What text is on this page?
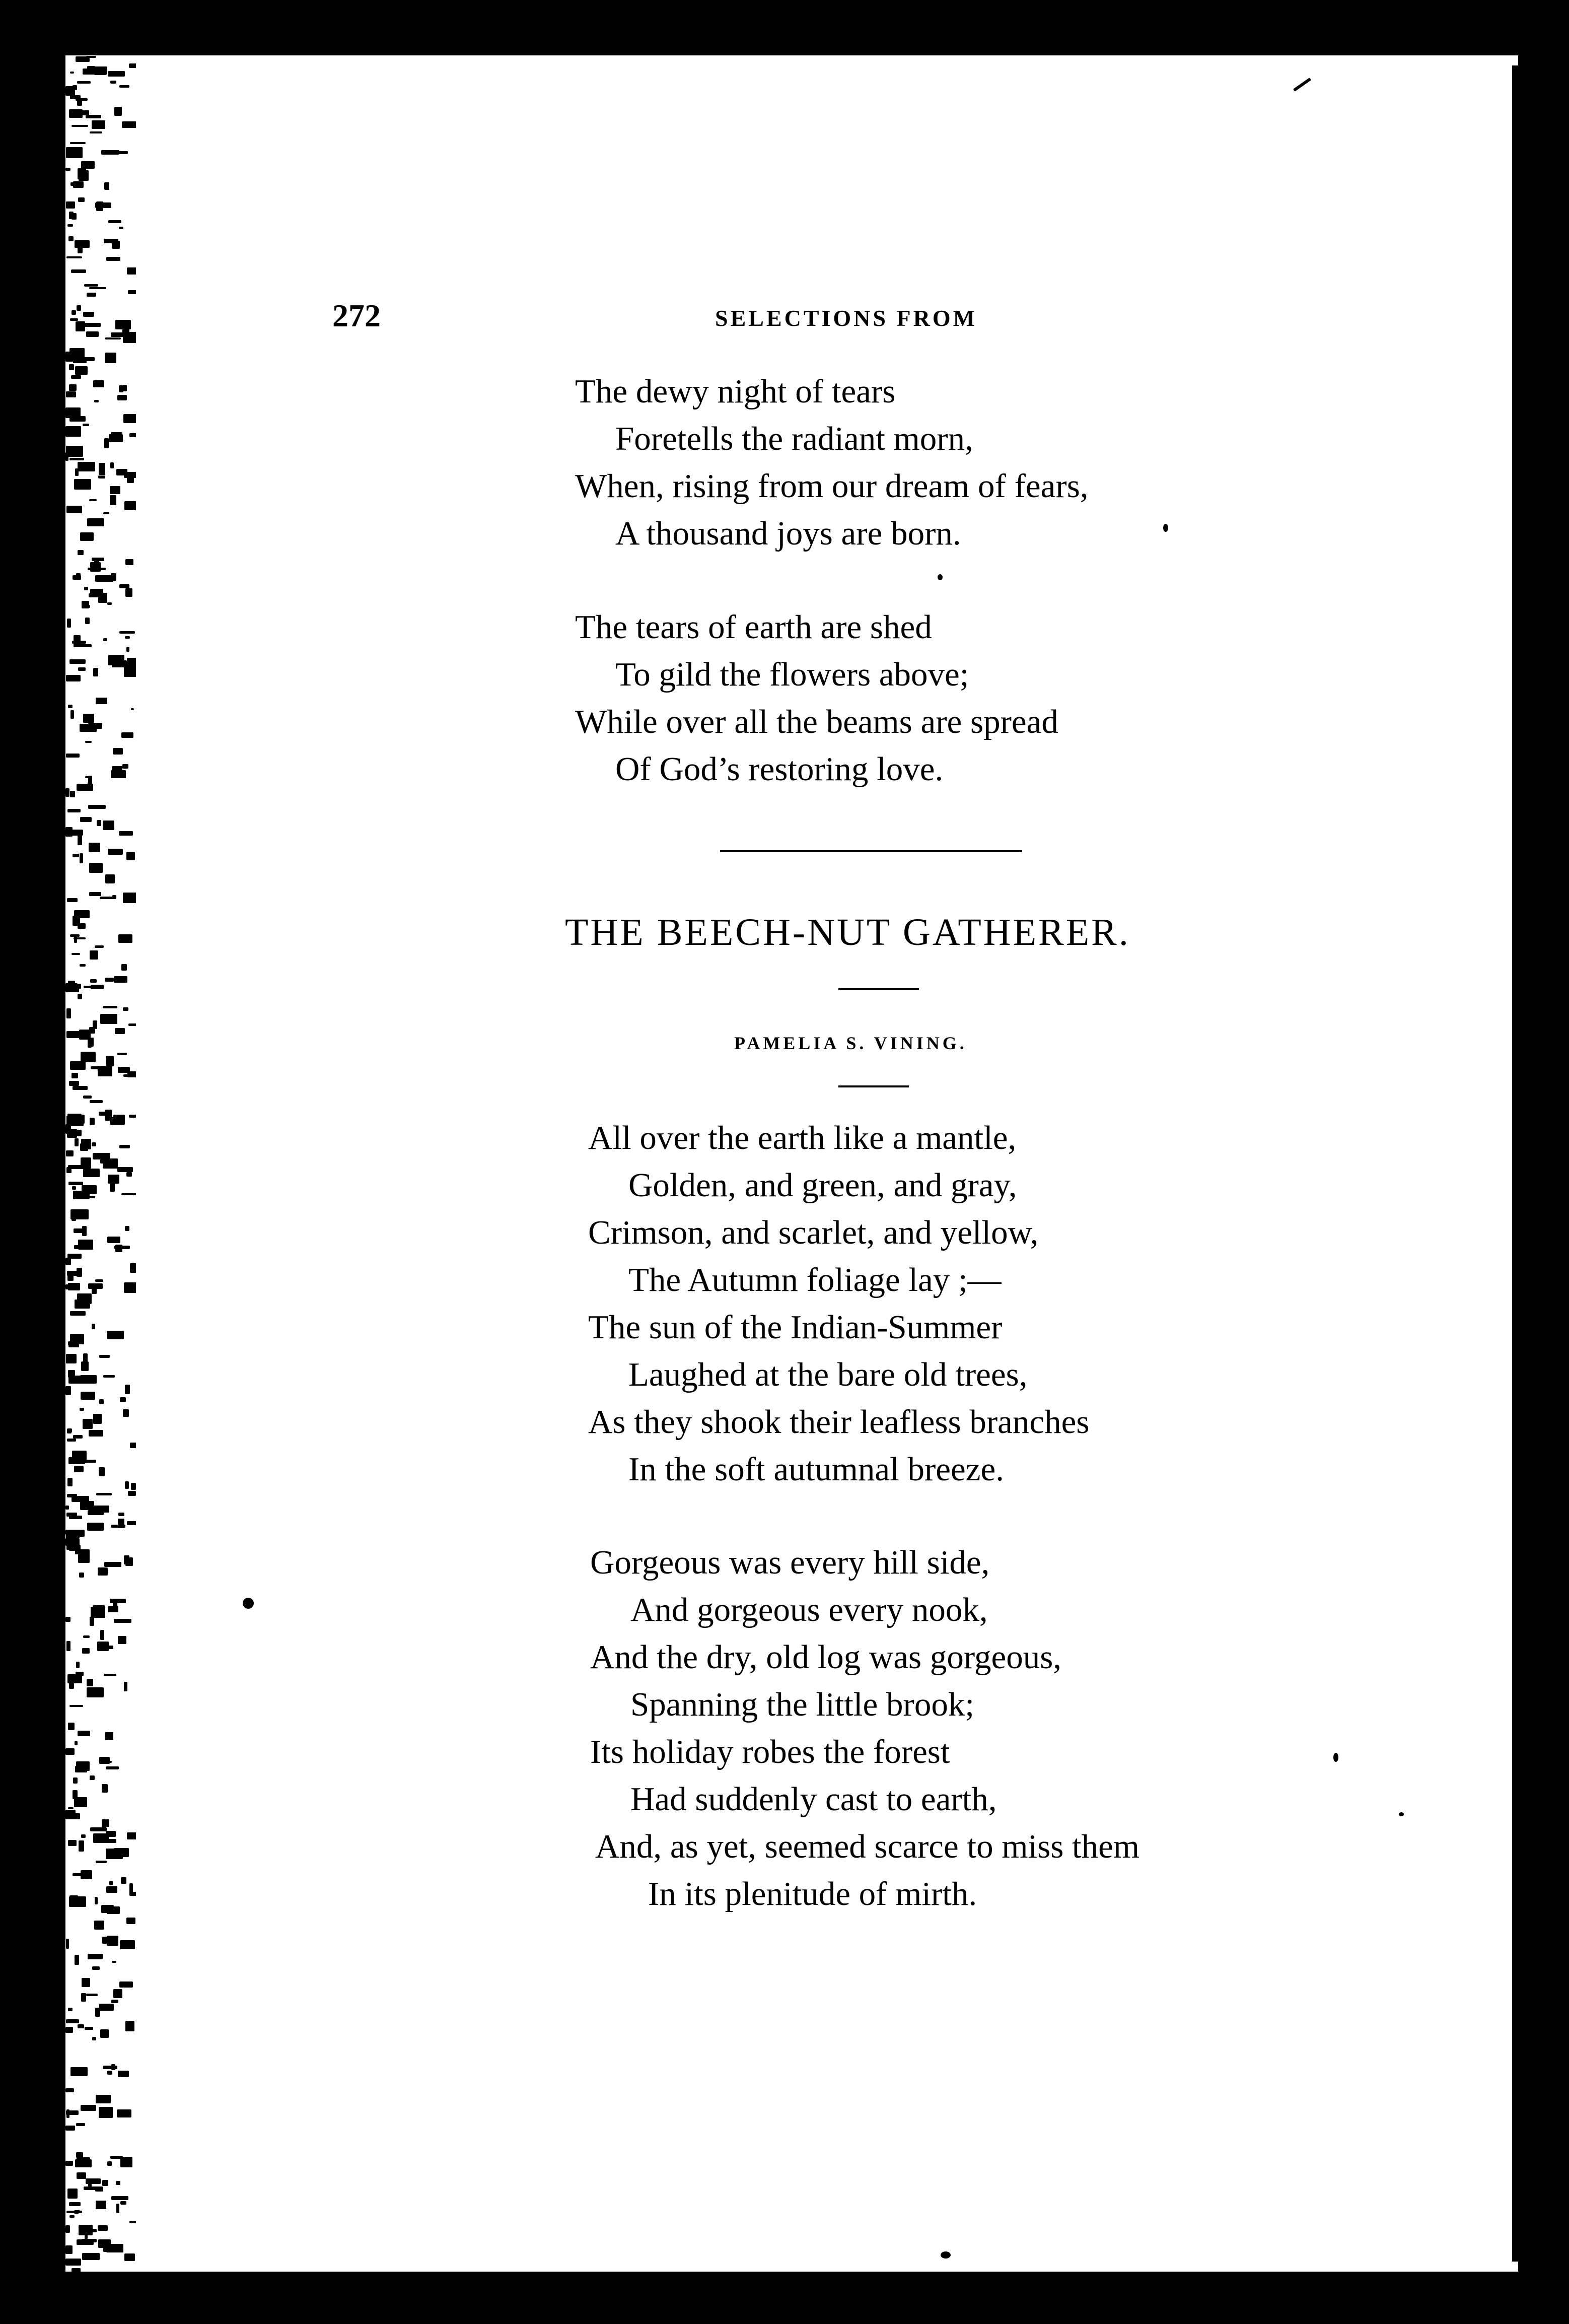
272	SELECTIONS FROM
The dewy night of tears
Foretells the radiant morn,
When, rising from our dream of fears,
A thousand joys are born.
The tears of earth are shed
To gild the flowers above;
While over all the beams are spread
Of God’s restoring love.
THE BEECH-NUT GATHERER.
PAMELIA S. VINING.
All over the earth like a mantle,
Golden, and green, and gray,
Crimson, and scarlet, and yellow,
The Autumn foliage lay ;—
The sun of the Indian-Summer
Laughed at the bare old trees,
As they shook their leafless branches
In the soft autumnal breeze.
Gorgeous was every hill side,
And gorgeous every nook,
And the dry, old log was gorgeous,
Spanning the little brook;
Its holiday robes the forest
Had suddenly cast to earth,
And, as yet, seemed scarce to miss them
In its plenitude of mirth.
